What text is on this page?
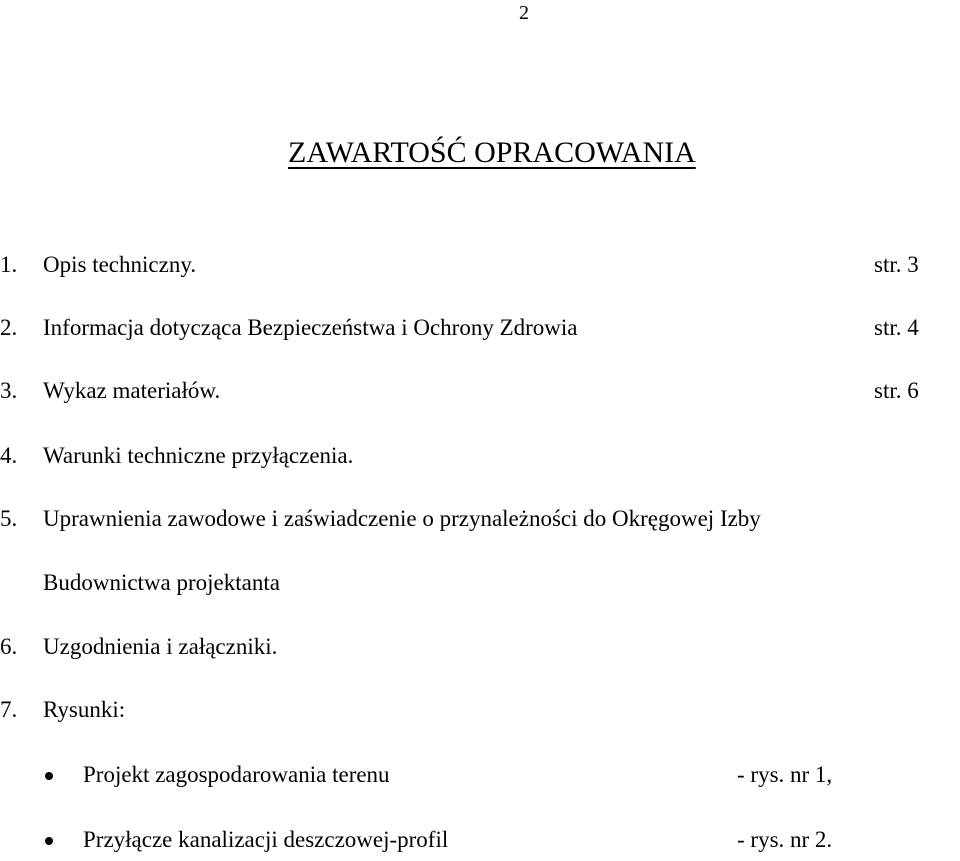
2
ZAWARTOŚĆ OPRACOWANIA
1. Opis techniczny.	str. 3
2. Informacja dotycząca Bezpieczeństwa i Ochrony Zdrowia	str. 4
3. Wykaz materiałów.	str. 6
4. Warunki techniczne przyłączenia.
5. Uprawnienia zawodowe i zaświadczenie o przynależności do Okręgowej Izby
Budownictwa projektanta
6. Uzgodnienia i załączniki.
7. Rysunki:
Projekt zagospodarowania terenu	- rys. nr 1,
Przyłącze kanalizacji deszczowej-profil	- rys. nr 2.
